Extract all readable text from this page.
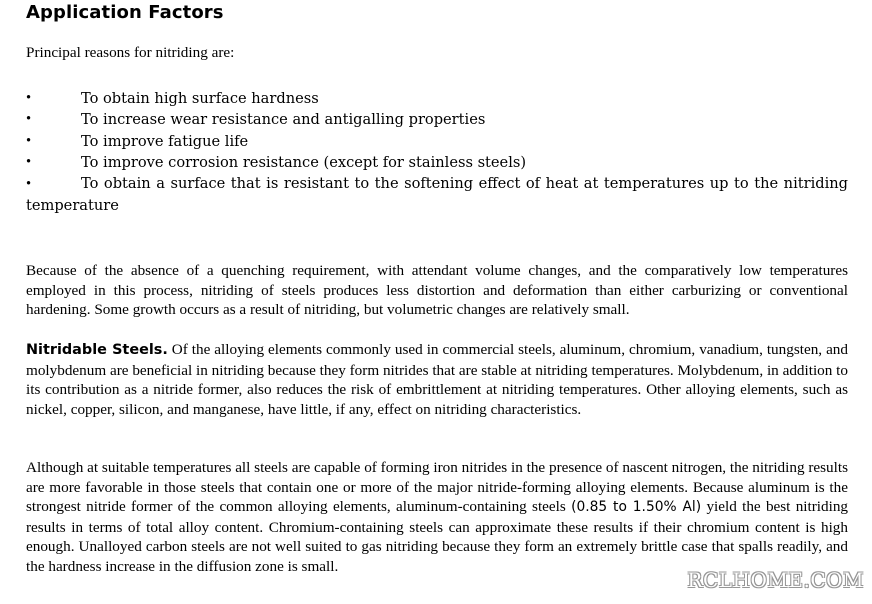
Application Factors

Principal reasons for nitriding are:

•	To obtain high surface hardness
•	To increase wear resistance and antigalling properties
•	To improve fatigue life
•	To improve corrosion resistance (except for stainless steels)
•	To obtain a surface that is resistant to the softening effect of heat at temperatures up to the nitriding temperature

Because of the absence of a quenching requirement, with attendant volume changes, and the comparatively low temperatures employed in this process, nitriding of steels produces less distortion and deformation than either carburizing or conventional hardening. Some growth occurs as a result of nitriding, but volumetric changes are relatively small.

Nitridable Steels. Of the alloying elements commonly used in commercial steels, aluminum, chromium, vanadium, tungsten, and molybdenum are beneficial in nitriding because they form nitrides that are stable at nitriding temperatures. Molybdenum, in addition to its contribution as a nitride former, also reduces the risk of embrittlement at nitriding temperatures. Other alloying elements, such as nickel, copper, silicon, and manganese, have little, if any, effect on nitriding characteristics.

Although at suitable temperatures all steels are capable of forming iron nitrides in the presence of nascent nitrogen, the nitriding results are more favorable in those steels that contain one or more of the major nitride-forming alloying elements. Because aluminum is the strongest nitride former of the common alloying elements, aluminum-containing steels (0.85 to 1.50% Al) yield the best nitriding results in terms of total alloy content. Chromium-containing steels can approximate these results if their chromium content is high enough. Unalloyed carbon steels are not well suited to gas nitriding because they form an extremely brittle case that spalls readily, and the hardness increase in the diffusion zone is small.

RCLHOME.COM
